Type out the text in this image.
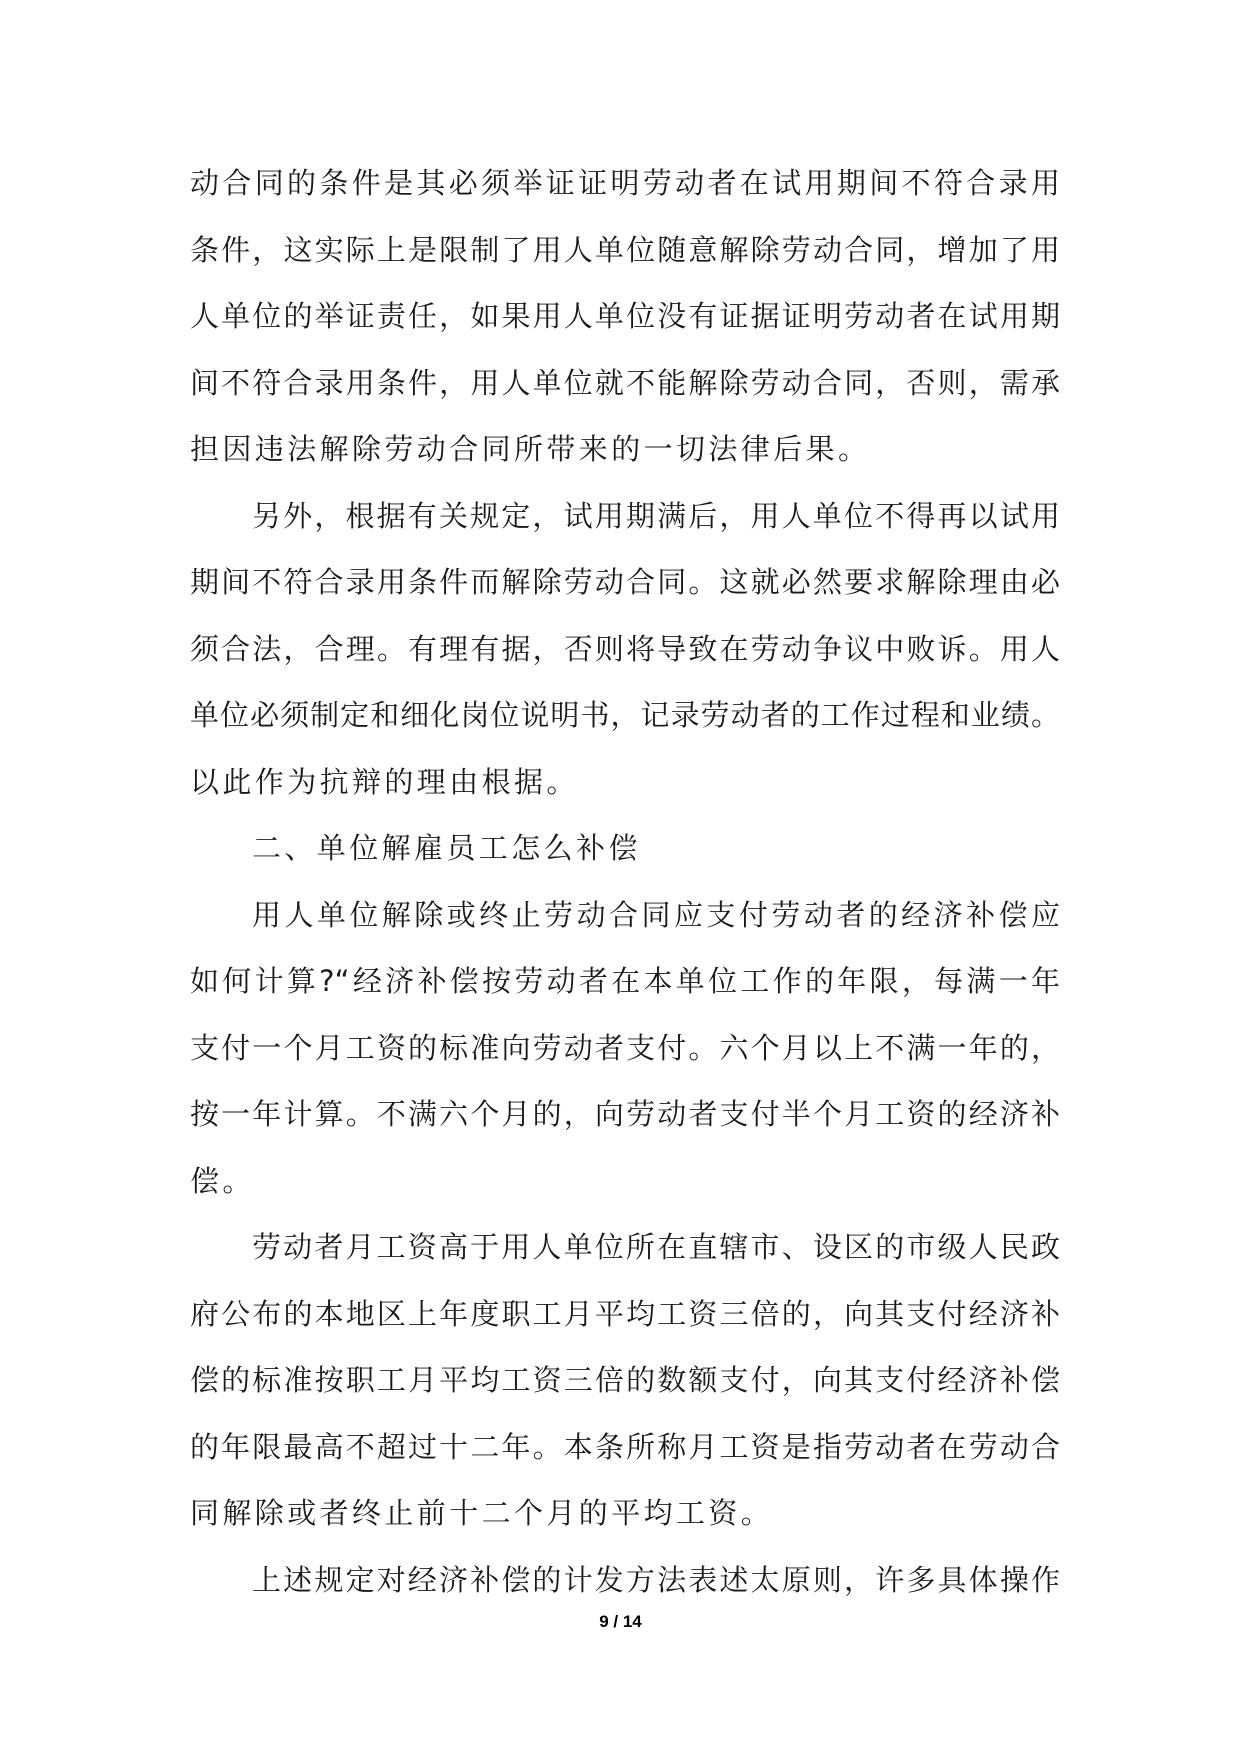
动合同的条件是其必须举证证明劳动者在试用期间不符合录用
条件，这实际上是限制了用人单位随意解除劳动合同，增加了用
人单位的举证责任，如果用人单位没有证据证明劳动者在试用期
间不符合录用条件，用人单位就不能解除劳动合同，否则，需承
担因违法解除劳动合同所带来的一切法律后果。
另外，根据有关规定，试用期满后，用人单位不得再以试用
期间不符合录用条件而解除劳动合同。这就必然要求解除理由必
须合法，合理。有理有据，否则将导致在劳动争议中败诉。用人
单位必须制定和细化岗位说明书，记录劳动者的工作过程和业绩。
以此作为抗辩的理由根据。
二、单位解雇员工怎么补偿
用人单位解除或终止劳动合同应支付劳动者的经济补偿应
如何计算?“经济补偿按劳动者在本单位工作的年限，每满一年
支付一个月工资的标准向劳动者支付。六个月以上不满一年的，
按一年计算。不满六个月的，向劳动者支付半个月工资的经济补
偿。
劳动者月工资高于用人单位所在直辖市、设区的市级人民政
府公布的本地区上年度职工月平均工资三倍的，向其支付经济补
偿的标准按职工月平均工资三倍的数额支付，向其支付经济补偿
的年限最高不超过十二年。本条所称月工资是指劳动者在劳动合
同解除或者终止前十二个月的平均工资。
上述规定对经济补偿的计发方法表述太原则，许多具体操作
9 / 14
